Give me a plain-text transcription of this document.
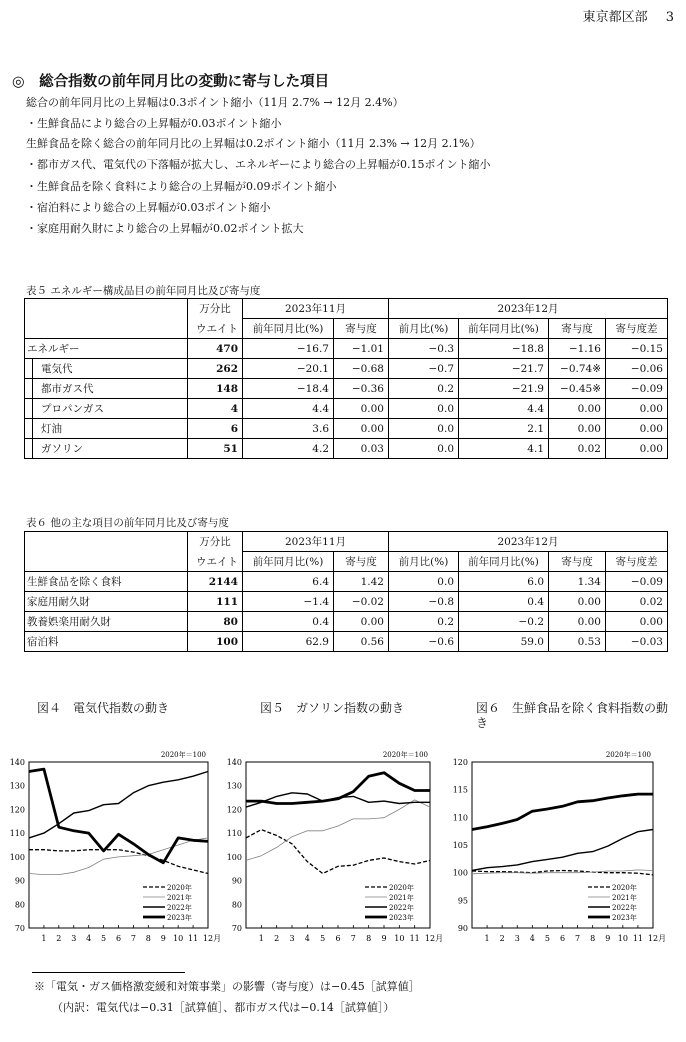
東京都区部 3
◎　総合指数の前年同月比の変動に寄与した項目
総合の前年同月比の上昇幅は0.3ポイント縮小（11月 2.7% → 12月 2.4%）
・生鮮食品により総合の上昇幅が0.03ポイント縮小
生鮮食品を除く総合の前年同月比の上昇幅は0.2ポイント縮小（11月 2.3% → 12月 2.1%）
・都市ガス代、電気代の下落幅が拡大し、エネルギーにより総合の上昇幅が0.15ポイント縮小
・生鮮食品を除く食料により総合の上昇幅が0.09ポイント縮小
・宿泊料により総合の上昇幅が0.03ポイント縮小
・家庭用耐久財により総合の上昇幅が0.02ポイント拡大
表５ エネルギー構成品目の前年同月比及び寄与度
	万分比	2023年11月		2023年12月			
	ウエイト	前年同月比(%)	寄与度	前月比(%)	前年同月比(%)	寄与度	寄与度差
エネルギー	470	−16.7	−1.01	−0.3	−18.8	−1.16	−0.15
電気代	262	−20.1	−0.68	−0.7	−21.7	−0.74※	−0.06
都市ガス代	148	−18.4	−0.36	0.2	−21.9	−0.45※	−0.09
プロパンガス	4	4.4	0.00	0.0	4.4	0.00	0.00
灯油	6	3.6	0.00	0.0	2.1	0.00	0.00
ガソリン	51	4.2	0.03	0.0	4.1	0.02	0.00
表６ 他の主な項目の前年同月比及び寄与度
	万分比	2023年11月		2023年12月			
	ウエイト	前年同月比(%)	寄与度	前月比(%)	前年同月比(%)	寄与度	寄与度差
生鮮食品を除く食料	2144	6.4	1.42	0.0	6.0	1.34	−0.09
家庭用耐久財	111	−1.4	−0.02	−0.8	0.4	0.00	0.02
教養娯楽用耐久財	80	0.4	0.00	0.2	−0.2	0.00	0.00
宿泊料	100	62.9	0.56	−0.6	59.0	0.53	−0.03
図４　電気代指数の動き	図５　ガソリン指数の動き	図６　生鮮食品を除く食料指数の動き
2020年＝100
70
80
90
100
110
120
130
140
1 2 3 4 5 6 7 8 9 10 11 12月
2020年
2021年
2022年
2023年
2020年＝100
70
80
90
100
110
120
130
140
1 2 3 4 5 6 7 8 9 10 11 12月
2020年
2021年
2022年
2023年
2020年＝100
90
95
100
105
110
115
120
1 2 3 4 5 6 7 8 9 10 11 12月
2020年
2021年
2022年
2023年
※「電気・ガス価格激変緩和対策事業」の影響（寄与度）は−0.45［試算値］
（内訳：電気代は−0.31［試算値］、都市ガス代は−0.14［試算値］）
